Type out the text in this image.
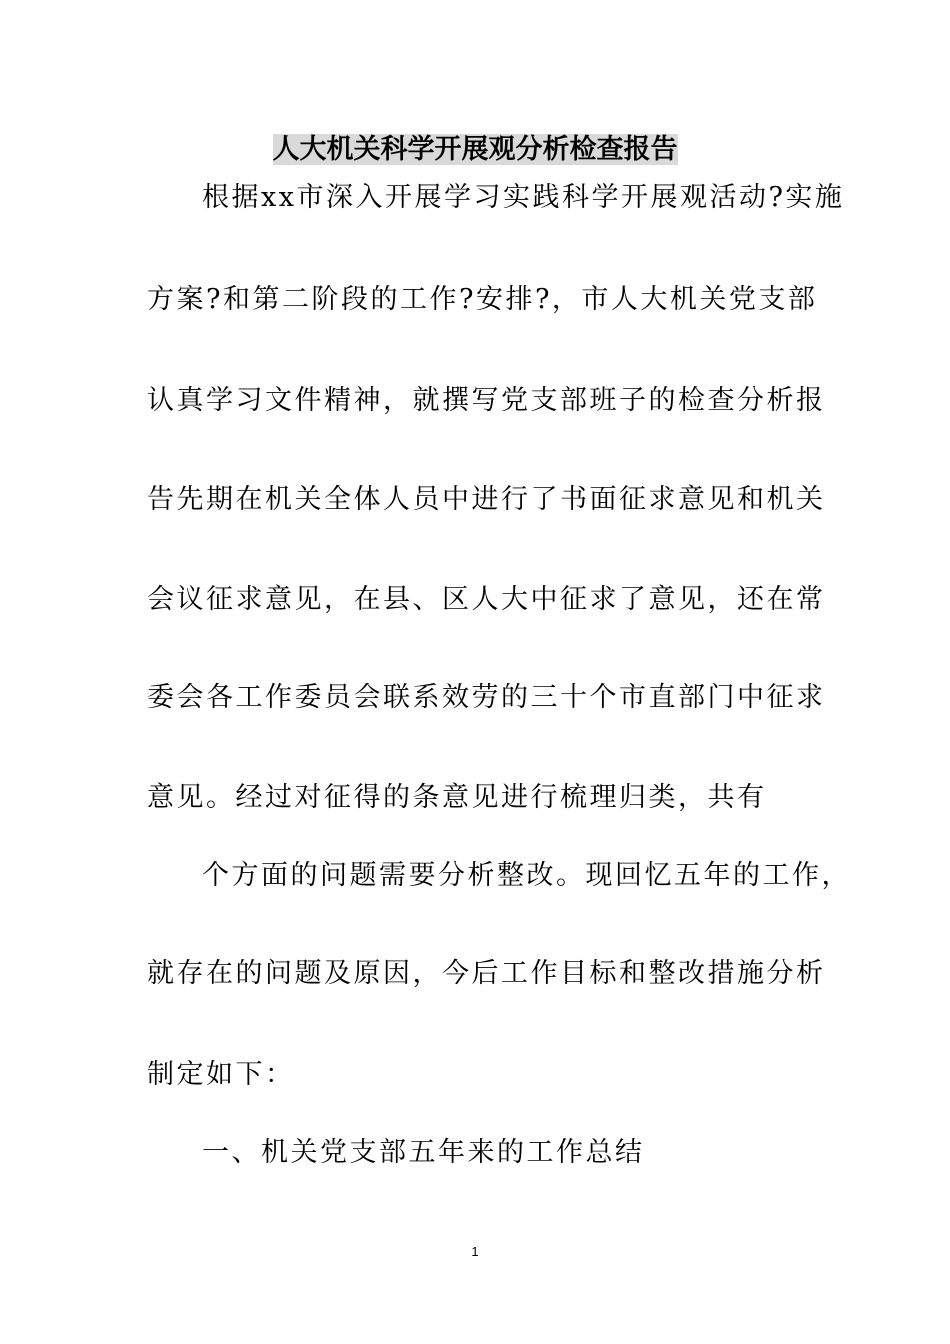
人大机关科学开展观分析检查报告

根据xx市深入开展学习实践科学开展观活动?实施

方案?和第二阶段的工作?安排?，市人大机关党支部

认真学习文件精神，就撰写党支部班子的检查分析报

告先期在机关全体人员中进行了书面征求意见和机关

会议征求意见，在县、区人大中征求了意见，还在常

委会各工作委员会联系效劳的三十个市直部门中征求

意见。经过对征得的条意见进行梳理归类，共有

个方面的问题需要分析整改。现回忆五年的工作，

就存在的问题及原因，今后工作目标和整改措施分析

制定如下：

一、机关党支部五年来的工作总结

1
